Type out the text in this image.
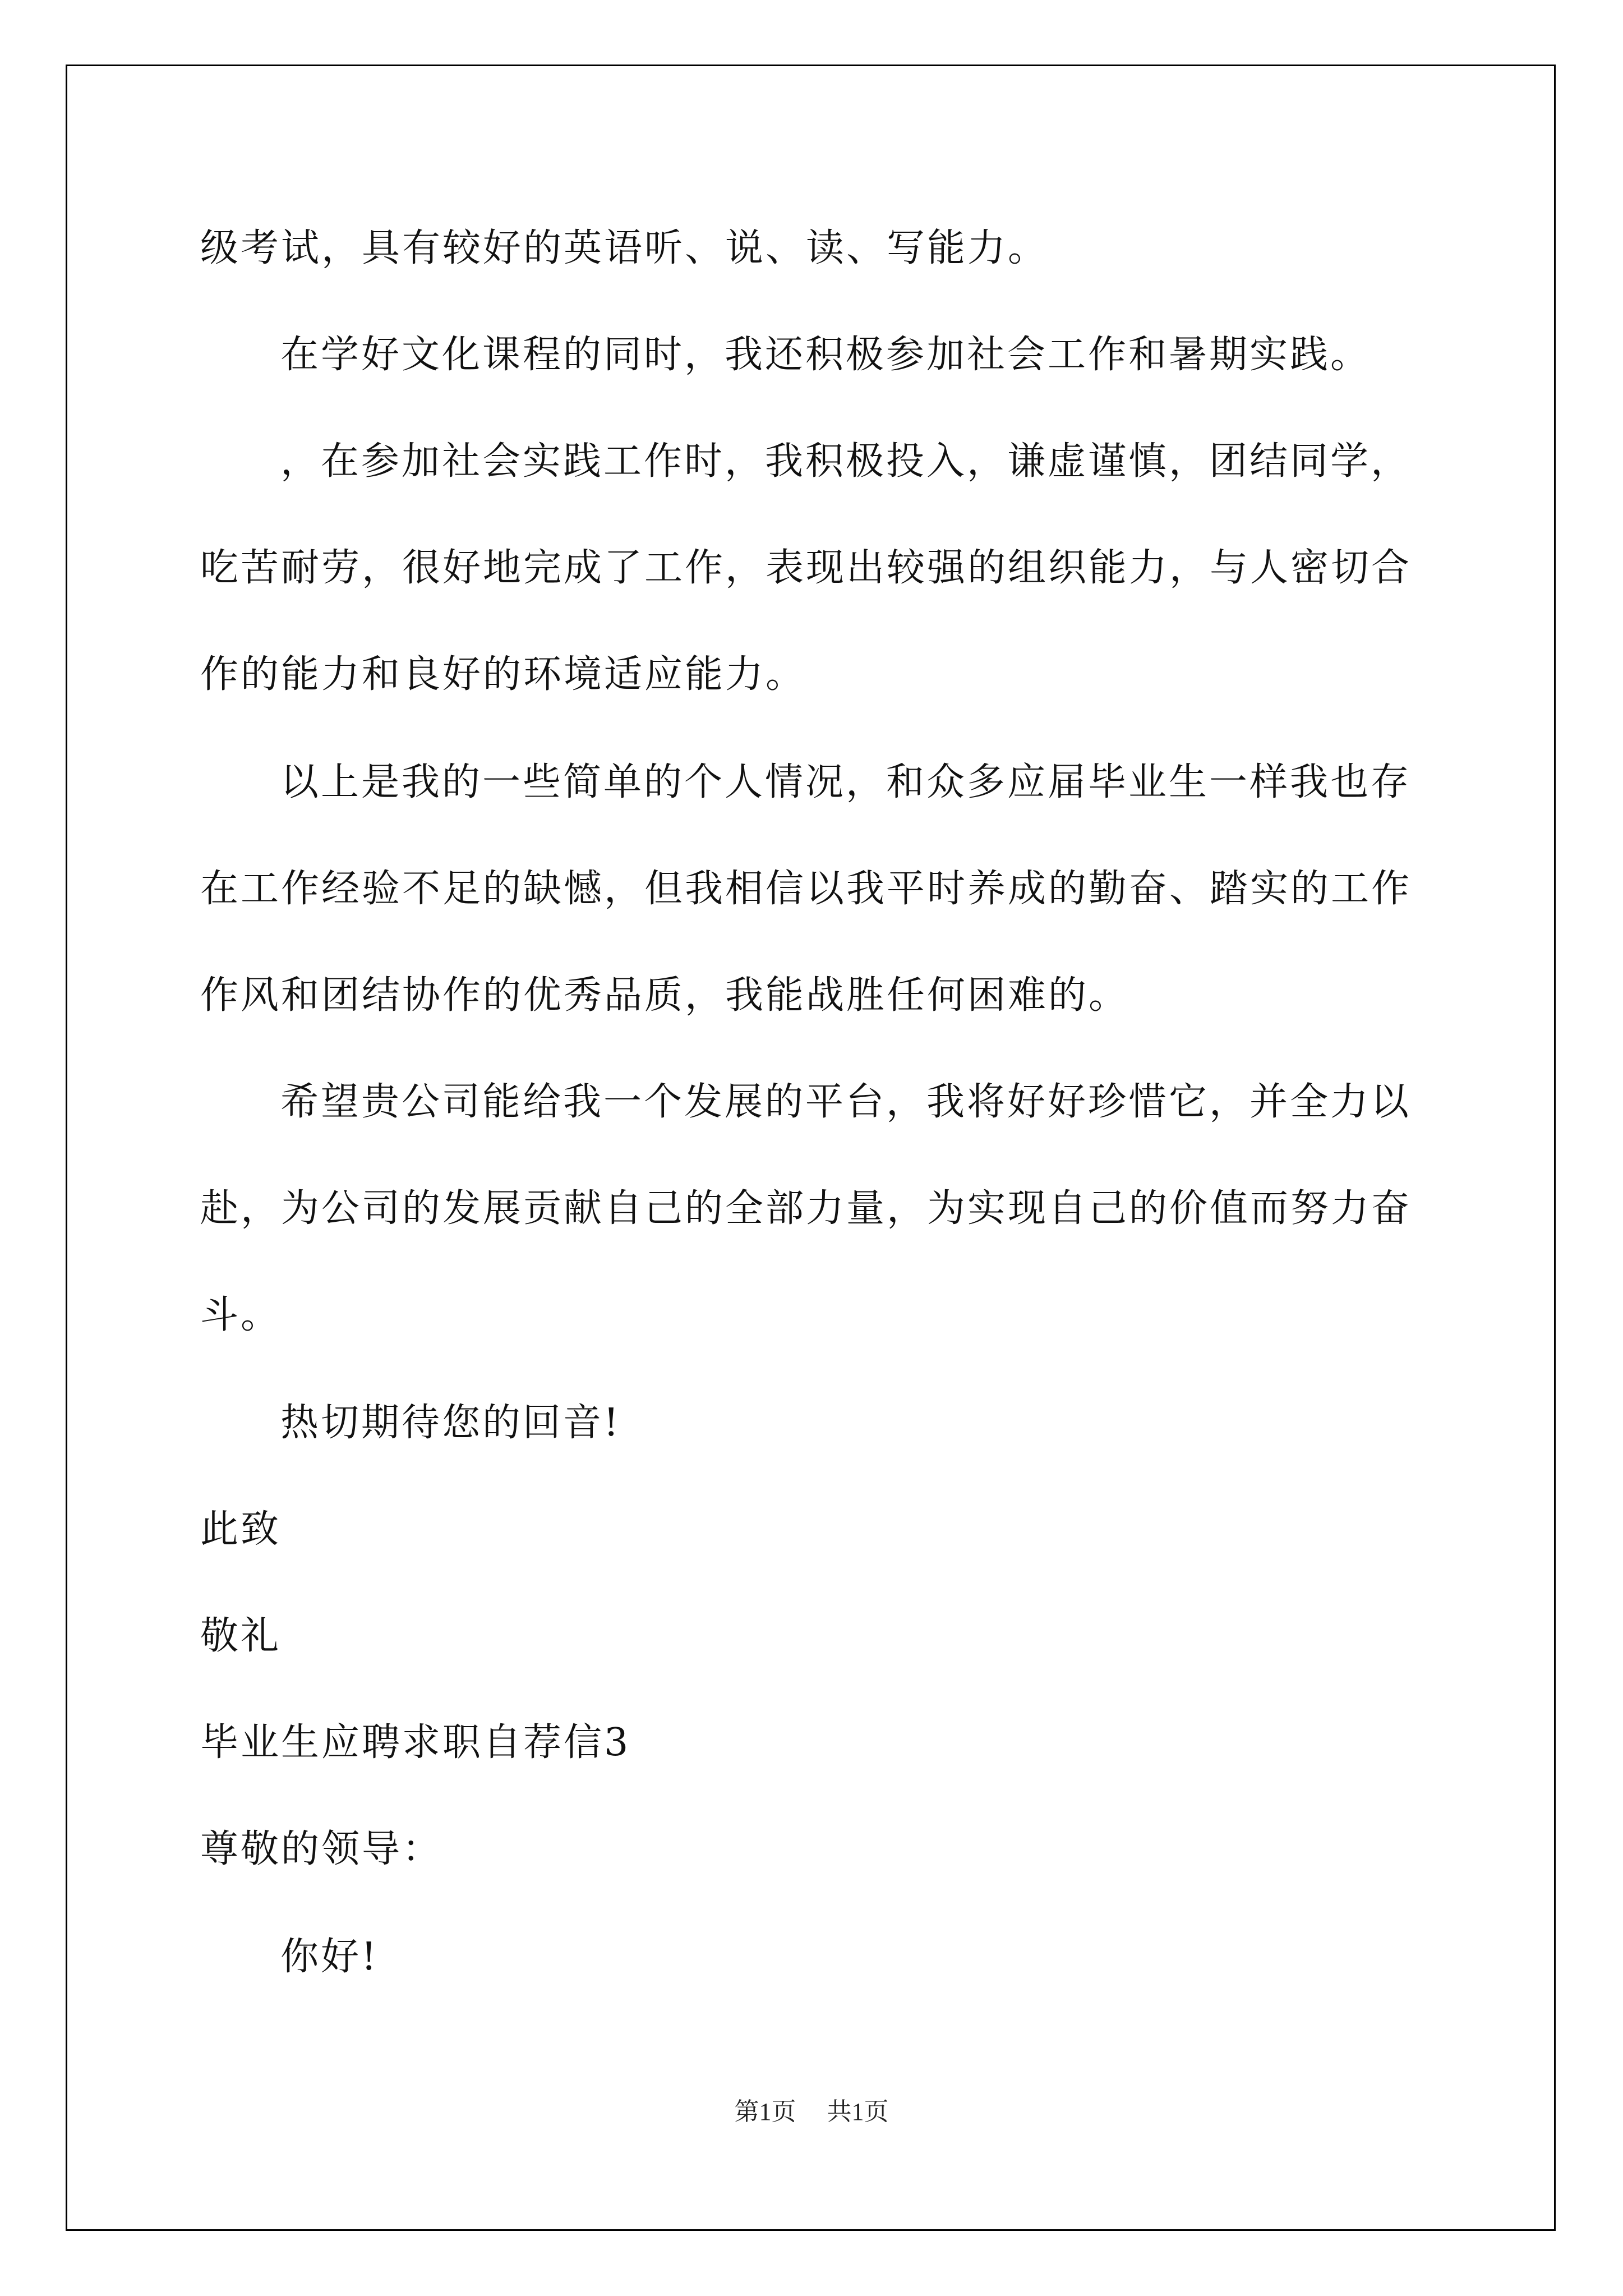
级考试，具有较好的英语听、说、读、写能力。
在学好文化课程的同时，我还积极参加社会工作和暑期实践。
，在参加社会实践工作时，我积极投入，谦虚谨慎，团结同学，
吃苦耐劳，很好地完成了工作，表现出较强的组织能力，与人密切合
作的能力和良好的环境适应能力。
以上是我的一些简单的个人情况，和众多应届毕业生一样我也存
在工作经验不足的缺憾，但我相信以我平时养成的勤奋、踏实的工作
作风和团结协作的优秀品质，我能战胜任何困难的。
希望贵公司能给我一个发展的平台，我将好好珍惜它，并全力以
赴，为公司的发展贡献自己的全部力量，为实现自己的价值而努力奋
斗。
热切期待您的回音!
此致
敬礼
毕业生应聘求职自荐信3
尊敬的领导：
你好!
第1页 共1页
